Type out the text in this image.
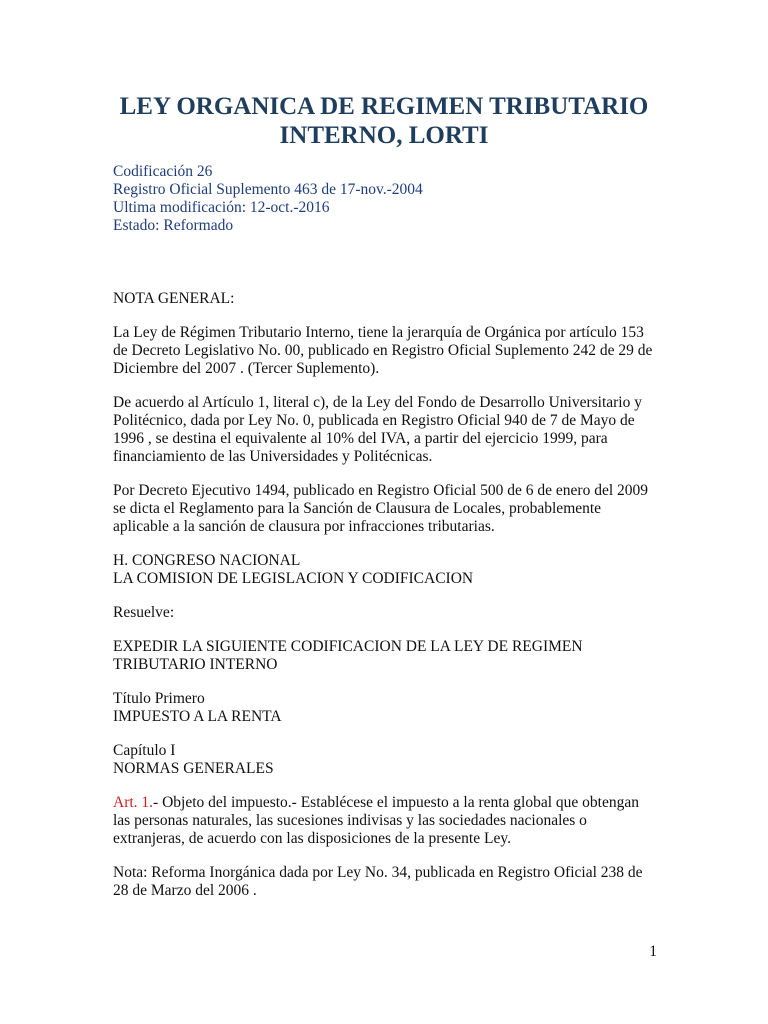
LEY ORGANICA DE REGIMEN TRIBUTARIO
INTERNO, LORTI
Codificación 26
Registro Oficial Suplemento 463 de 17-nov.-2004
Ultima modificación: 12-oct.-2016
Estado: Reformado

NOTA GENERAL:

La Ley de Régimen Tributario Interno, tiene la jerarquía de Orgánica por artículo 153 de Decreto Legislativo No. 00, publicado en Registro Oficial Suplemento 242 de 29 de Diciembre del 2007 . (Tercer Suplemento).

De acuerdo al Artículo 1, literal c), de la Ley del Fondo de Desarrollo Universitario y Politécnico, dada por Ley No. 0, publicada en Registro Oficial 940 de 7 de Mayo de 1996 , se destina el equivalente al 10% del IVA, a partir del ejercicio 1999, para financiamiento de las Universidades y Politécnicas.

Por Decreto Ejecutivo 1494, publicado en Registro Oficial 500 de 6 de enero del 2009 se dicta el Reglamento para la Sanción de Clausura de Locales, probablemente aplicable a la sanción de clausura por infracciones tributarias.

H. CONGRESO NACIONAL
LA COMISION DE LEGISLACION Y CODIFICACION

Resuelve:

EXPEDIR LA SIGUIENTE CODIFICACION DE LA LEY DE REGIMEN TRIBUTARIO INTERNO

Título Primero
IMPUESTO A LA RENTA

Capítulo I
NORMAS GENERALES

Art. 1.- Objeto del impuesto.- Establécese el impuesto a la renta global que obtengan las personas naturales, las sucesiones indivisas y las sociedades nacionales o extranjeras, de acuerdo con las disposiciones de la presente Ley.

Nota: Reforma Inorgánica dada por Ley No. 34, publicada en Registro Oficial 238 de 28 de Marzo del 2006 .

1
